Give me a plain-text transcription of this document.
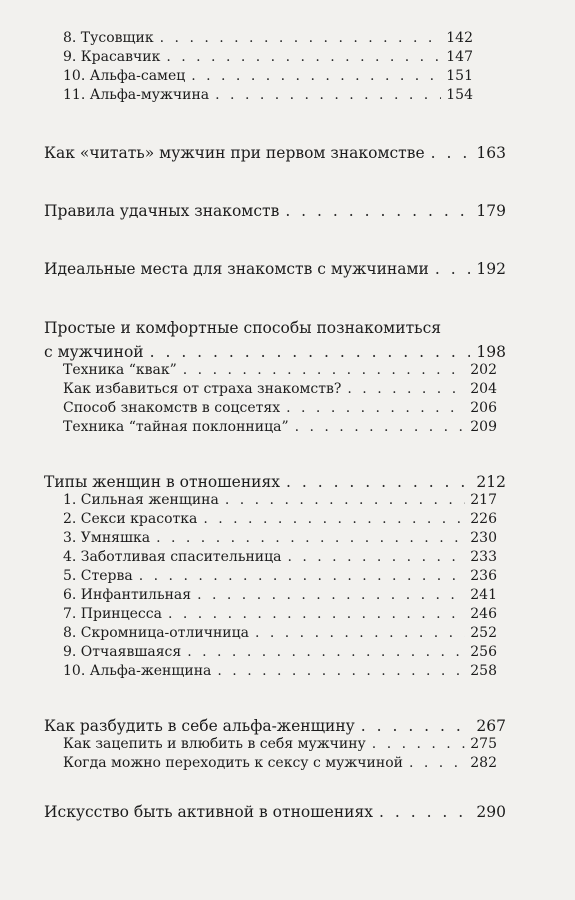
8. Тусовщик . . .	142
9. Красавчик . . .	147
10. Альфа-самец . . .	151
11. Альфа-мужчина . . .	154
Как «читать» мужчин при первом знакомстве . . .	163
Правила удачных знакомств . . .	179
Идеальные места для знакомств с мужчинами . . .	192
Простые и комфортные способы познакомиться
с мужчиной . . .	198
Техника “квак” . . .	202
Как избавиться от страха знакомств? . . .	204
Способ знакомств в соцсетях . . .	206
Техника “тайная поклонница” . . .	209
Типы женщин в отношениях . . .	212
1. Сильная женщина . . .	217
2. Секси красотка . . .	226
3. Умняшка . . .	230
4. Заботливая спасительница . . .	233
5. Стерва . . .	236
6. Инфантильная . . .	241
7. Принцесса . . .	246
8. Скромница-отличница . . .	252
9. Отчаявшаяся . . .	256
10. Альфа-женщина . . .	258
Как разбудить в себе альфа-женщину . . .	267
Как зацепить и влюбить в себя мужчину . . .	275
Когда можно переходить к сексу с мужчиной . . .	282
Искусство быть активной в отношениях . . .	290
